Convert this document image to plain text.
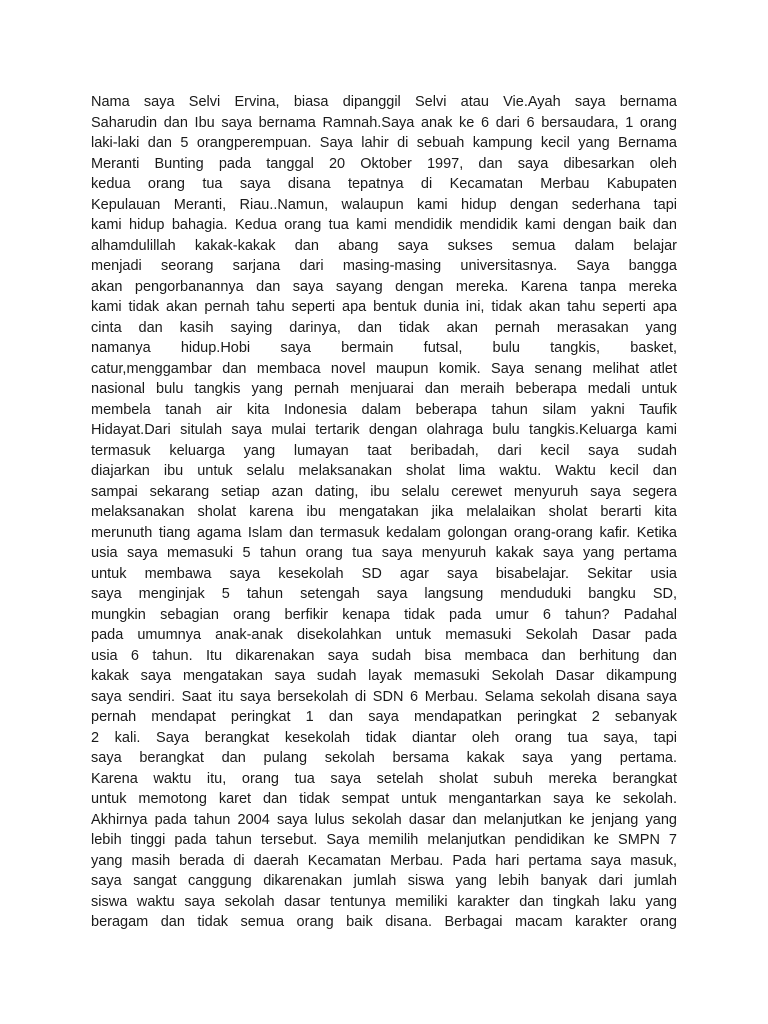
Nama saya Selvi Ervina, biasa dipanggil Selvi atau Vie.Ayah saya bernama
Saharudin dan Ibu saya bernama Ramnah.Saya anak ke 6 dari 6 bersaudara, 1 orang
laki-laki dan 5 orangperempuan. Saya lahir di sebuah kampung kecil yang Bernama
Meranti Bunting pada tanggal 20 Oktober 1997, dan saya dibesarkan oleh
kedua orang tua saya disana tepatnya di Kecamatan Merbau Kabupaten
Kepulauan Meranti, Riau..Namun, walaupun kami hidup dengan sederhana tapi
kami hidup bahagia. Kedua orang tua kami mendidik mendidik kami dengan baik dan
alhamdulillah kakak-kakak dan abang saya sukses semua dalam belajar
menjadi seorang sarjana dari masing-masing universitasnya. Saya bangga
akan pengorbanannya dan saya sayang dengan mereka. Karena tanpa mereka
kami tidak akan pernah tahu seperti apa bentuk dunia ini, tidak akan tahu seperti apa
cinta dan kasih saying darinya, dan tidak akan pernah merasakan yang
namanya hidup.Hobi saya bermain futsal, bulu tangkis, basket,
catur,menggambar dan membaca novel maupun komik. Saya senang melihat atlet
nasional bulu tangkis yang pernah menjuarai dan meraih beberapa medali untuk
membela tanah air kita Indonesia dalam beberapa tahun silam yakni Taufik
Hidayat.Dari situlah saya mulai tertarik dengan olahraga bulu tangkis.Keluarga kami
termasuk keluarga yang lumayan taat beribadah, dari kecil saya sudah
diajarkan ibu untuk selalu melaksanakan sholat lima waktu. Waktu kecil dan
sampai sekarang setiap azan dating, ibu selalu cerewet menyuruh saya segera
melaksanakan sholat karena ibu mengatakan jika melalaikan sholat berarti kita
merunuth tiang agama Islam dan termasuk kedalam golongan orang-orang kafir. Ketika
usia saya memasuki 5 tahun orang tua saya menyuruh kakak saya yang pertama
untuk membawa saya kesekolah SD agar saya bisabelajar. Sekitar usia
saya menginjak 5 tahun setengah saya langsung menduduki bangku SD,
mungkin sebagian orang berfikir kenapa tidak pada umur 6 tahun? Padahal
pada umumnya anak-anak disekolahkan untuk memasuki Sekolah Dasar pada
usia 6 tahun. Itu dikarenakan saya sudah bisa membaca dan berhitung dan
kakak saya mengatakan saya sudah layak memasuki Sekolah Dasar dikampung
saya sendiri. Saat itu saya bersekolah di SDN 6 Merbau. Selama sekolah disana saya
pernah mendapat peringkat 1 dan saya mendapatkan peringkat 2 sebanyak
2 kali. Saya berangkat kesekolah tidak diantar oleh orang tua saya, tapi
saya berangkat dan pulang sekolah bersama kakak saya yang pertama.
Karena waktu itu, orang tua saya setelah sholat subuh mereka berangkat
untuk memotong karet dan tidak sempat untuk mengantarkan saya ke sekolah.
Akhirnya pada tahun 2004 saya lulus sekolah dasar dan melanjutkan ke jenjang yang
lebih tinggi pada tahun tersebut. Saya memilih melanjutkan pendidikan ke SMPN 7
yang masih berada di daerah Kecamatan Merbau. Pada hari pertama saya masuk,
saya sangat canggung dikarenakan jumlah siswa yang lebih banyak dari jumlah
siswa waktu saya sekolah dasar tentunya memiliki karakter dan tingkah laku yang
beragam dan tidak semua orang baik disana. Berbagai macam karakter orang
